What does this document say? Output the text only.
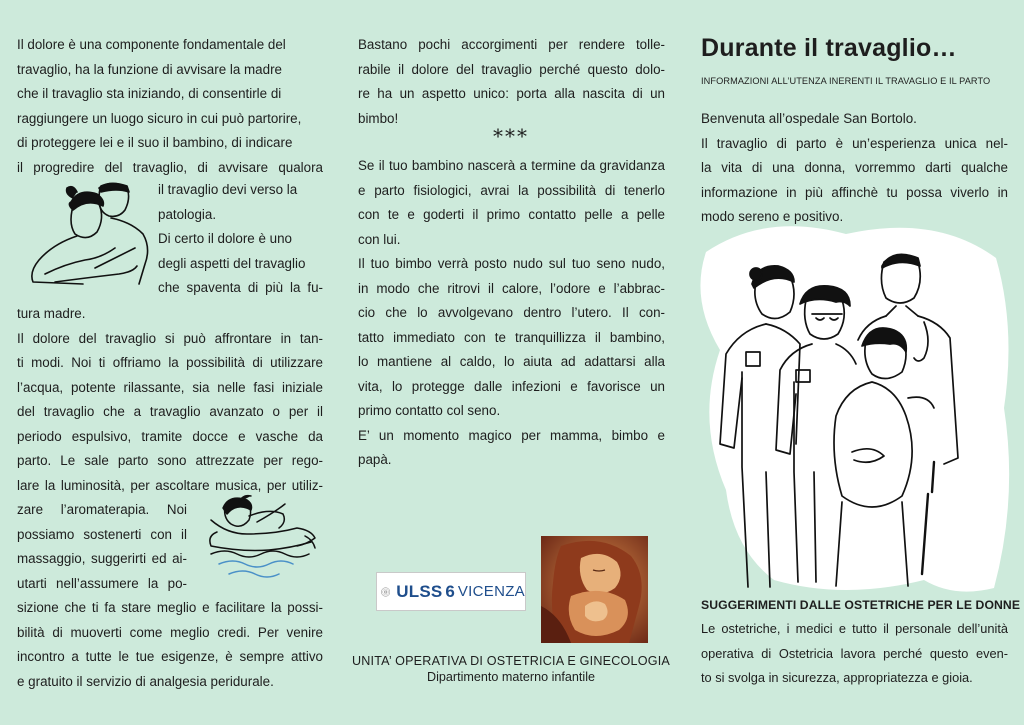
Il dolore è una componente fondamentale del

travaglio, ha la funzione di avvisare la madre

che il travaglio sta iniziando, di consentirle di

raggiungere un luogo sicuro in cui può partorire,

di proteggere lei e il suo il bambino, di indicare

il progredire del travaglio, di avvisare qualora

il travaglio devi verso la

patologia.

Di certo il dolore è uno

degli aspetti del travaglio

che spaventa di più la fu-

tura madre.

Il dolore del travaglio si può affrontare in tan-

ti modi. Noi ti offriamo la possibilità di utilizzare

l’acqua, potente rilassante, sia nelle fasi iniziale

del travaglio che a travaglio avanzato o per il

periodo espulsivo, tramite docce e vasche da

parto. Le sale parto sono attrezzate per rego-

lare la luminosità, per ascoltare musica, per utiliz-

zare l’aromaterapia. Noi

possiamo sostenerti con il

massaggio, suggerirti ed ai-

utarti nell’assumere la po-

sizione che ti fa stare meglio e facilitare la possi-

bilità di muoverti come meglio credi. Per venire

incontro a tutte le tue esigenze, è sempre attivo

e gratuito il servizio di analgesia peridurale.

Bastano pochi accorgimenti per rendere tolle-

rabile il dolore del travaglio perché questo dolo-

re ha un aspetto unico: porta alla nascita di un

bimbo!

***

Se il tuo bambino nascerà a termine da gravidanza

e parto fisiologici, avrai la possibilità di tenerlo

con te e goderti il primo contatto pelle a pelle

con lui.

Il tuo bimbo verrà posto nudo sul tuo seno nudo,

in modo che ritrovi il calore, l’odore e l’abbrac-

cio che lo avvolgevano dentro l’utero. Il con-

tatto immediato con te tranquillizza il bambino,

lo mantiene al caldo, lo aiuta ad adattarsi alla

vita, lo protegge dalle infezioni e favorisce un

primo contatto col seno.

E’ un momento magico per mamma, bimbo e

papà.

ULSS 6 VICENZA
UNITA’ OPERATIVA DI OSTETRICIA E GINECOLOGIA
Dipartimento materno infantile
Durante il travaglio…
INFORMAZIONI ALL’UTENZA INERENTI IL TRAVAGLIO E IL PARTO

Benvenuta all’ospedale San Bortolo.

Il travaglio di parto è un’esperienza unica nel-

la vita di una donna, vorremmo darti qualche

informazione in più affinchè tu possa viverlo in

modo sereno e positivo.

SUGGERIMENTI DALLE OSTETRICHE PER LE DONNE

Le ostetriche, i medici e tutto il personale dell’unità

operativa di Ostetricia lavora perché questo even-

to si svolga in sicurezza, appropriatezza e gioia.
